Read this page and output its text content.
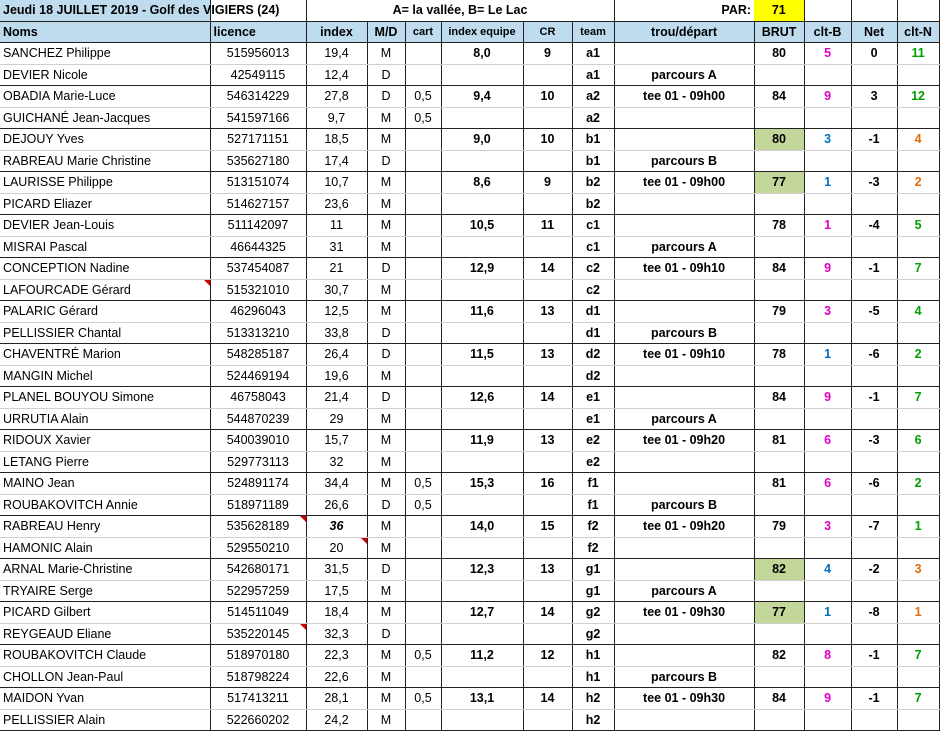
Jeudi 18 JUILLET 2019 - Golf des VIGIERS (24)		A= la vallée, B= Le Lac						PAR:	71			
Noms	licence	index	M/D	cart	index equipe	CR	team	trou/départ	BRUT	clt-B	Net	clt-N
SANCHEZ Philippe	515956013	19,4	M		8,0	9	a1		80	5	0	11
DEVIER Nicole	42549115	12,4	D				a1	parcours A				
OBADIA Marie-Luce	546314229	27,8	D	0,5	9,4	10	a2	tee 01 - 09h00	84	9	3	12
GUICHANÉ Jean-Jacques	541597166	9,7	M	0,5			a2					
DEJOUY Yves	527171151	18,5	M		9,0	10	b1		80	3	-1	4
RABREAU Marie Christine	535627180	17,4	D				b1	parcours B				
LAURISSE Philippe	513151074	10,7	M		8,6	9	b2	tee 01 - 09h00	77	1	-3	2
PICARD Eliazer	514627157	23,6	M				b2					
DEVIER Jean-Louis	511142097	11	M		10,5	11	c1		78	1	-4	5
MISRAI Pascal	46644325	31	M				c1	parcours A				
CONCEPTION Nadine	537454087	21	D		12,9	14	c2	tee 01 - 09h10	84	9	-1	7
LAFOURCADE Gérard	515321010	30,7	M				c2					
PALARIC Gérard	46296043	12,5	M		11,6	13	d1		79	3	-5	4
PELLISSIER Chantal	513313210	33,8	D				d1	parcours B				
CHAVENTRÉ Marion	548285187	26,4	D		11,5	13	d2	tee 01 - 09h10	78	1	-6	2
MANGIN Michel	524469194	19,6	M				d2					
PLANEL BOUYOU Simone	46758043	21,4	D		12,6	14	e1		84	9	-1	7
URRUTIA Alain	544870239	29	M				e1	parcours A				
RIDOUX Xavier	540039010	15,7	M		11,9	13	e2	tee 01 - 09h20	81	6	-3	6
LETANG Pierre	529773113	32	M				e2					
MAINO Jean	524891174	34,4	M	0,5	15,3	16	f1		81	6	-6	2
ROUBAKOVITCH Annie	518971189	26,6	D	0,5			f1	parcours B				
RABREAU Henry	535628189	36	M		14,0	15	f2	tee 01 - 09h20	79	3	-7	1
HAMONIC Alain	529550210	20	M				f2					
ARNAL Marie-Christine	542680171	31,5	D		12,3	13	g1		82	4	-2	3
TRYAIRE Serge	522957259	17,5	M				g1	parcours A				
PICARD Gilbert	514511049	18,4	M		12,7	14	g2	tee 01 - 09h30	77	1	-8	1
REYGEAUD Eliane	535220145	32,3	D				g2					
ROUBAKOVITCH Claude	518970180	22,3	M	0,5	11,2	12	h1		82	8	-1	7
CHOLLON Jean-Paul	518798224	22,6	M				h1	parcours B				
MAIDON Yvan	517413211	28,1	M	0,5	13,1	14	h2	tee 01 - 09h30	84	9	-1	7
PELLISSIER Alain	522660202	24,2	M				h2					
